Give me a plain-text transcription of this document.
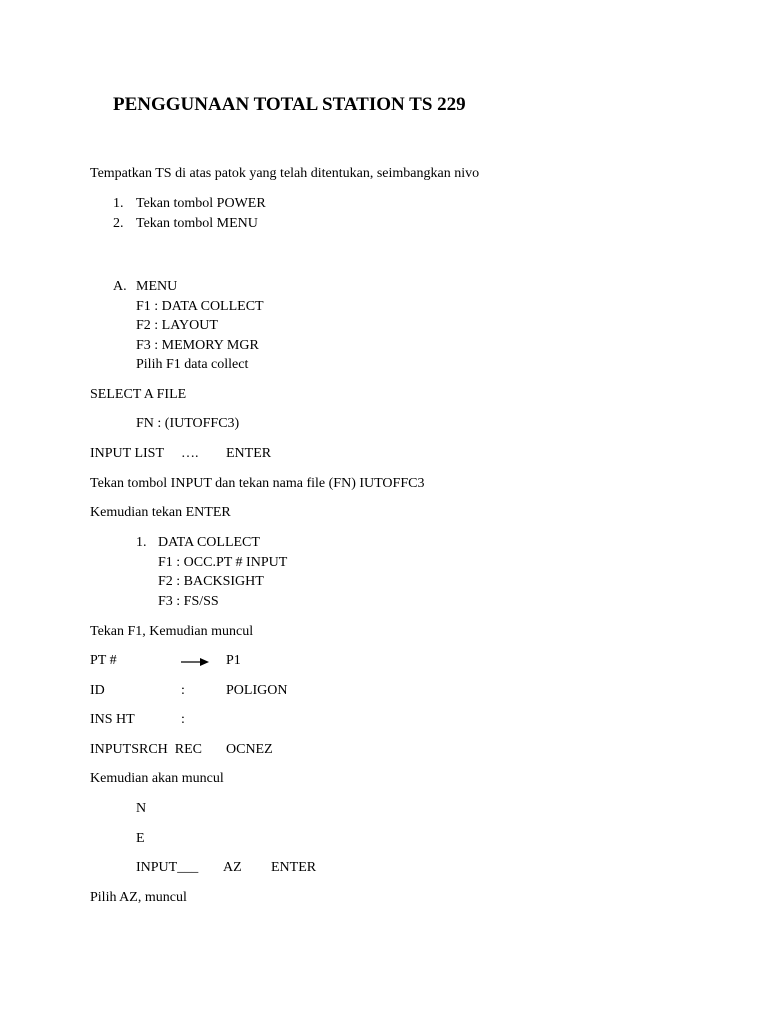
PENGGUNAAN TOTAL STATION TS 229
Tempatkan TS di atas patok yang telah ditentukan, seimbangkan nivo
1. Tekan tombol POWER
2. Tekan tombol MENU
A. MENU
F1 : DATA COLLECT
F2 : LAYOUT
F3 : MEMORY MGR
Pilih F1 data collect
SELECT A FILE
FN : (IUTOFFC3)
INPUT LIST …. ENTER
Tekan tombol INPUT dan tekan nama file (FN) IUTOFFC3
Kemudian tekan ENTER
1. DATA COLLECT
F1 : OCC.PT # INPUT
F2 : BACKSIGHT
F3 : FS/SS
Tekan F1, Kemudian muncul
PT #	P1
ID	:	POLIGON
INS HT	:
INPUTSRCH  REC OCNEZ
Kemudian akan muncul
N
E
INPUT___ AZ ENTER
Pilih AZ, muncul
